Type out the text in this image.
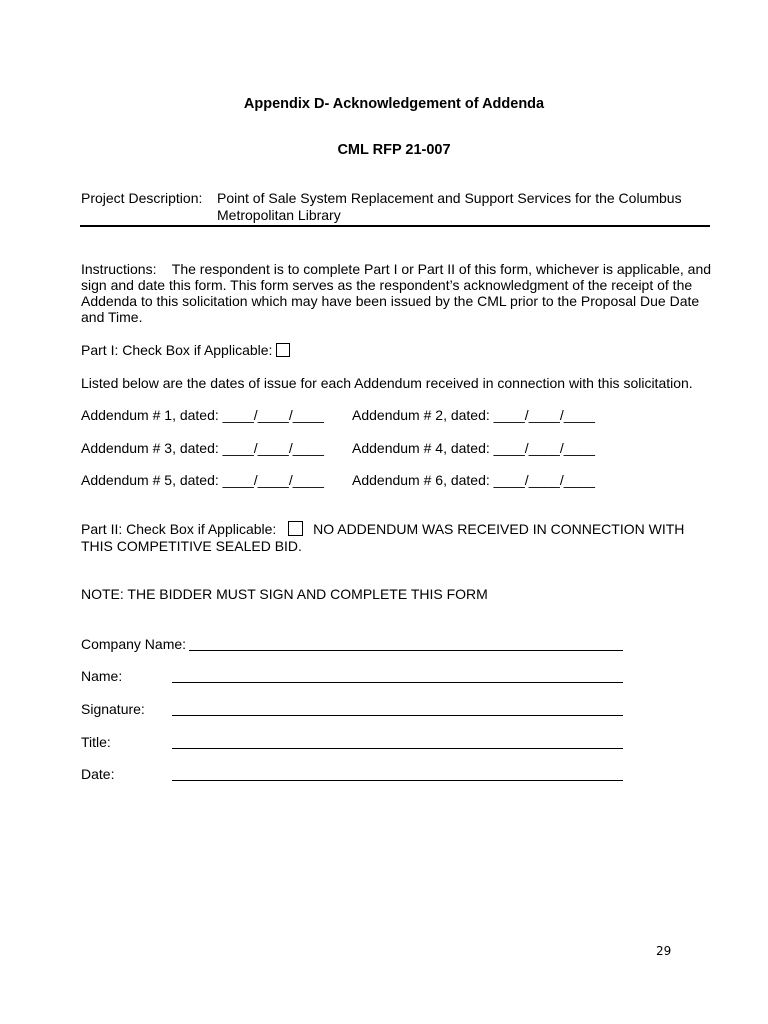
Appendix D- Acknowledgement of Addenda
CML RFP 21-007
Project Description: Point of Sale System Replacement and Support Services for the Columbus
Metropolitan Library
Instructions:    The respondent is to complete Part I or Part II of this form, whichever is applicable, and
sign and date this form. This form serves as the respondent’s acknowledgment of the receipt of the
Addenda to this solicitation which may have been issued by the CML prior to the Proposal Due Date
and Time.
Part I: Check Box if Applicable:
Listed below are the dates of issue for each Addendum received in connection with this solicitation.
Addendum # 1, dated: ____/____/____ Addendum # 2, dated: ____/____/____
Addendum # 3, dated: ____/____/____ Addendum # 4, dated: ____/____/____
Addendum # 5, dated: ____/____/____ Addendum # 6, dated: ____/____/____
Part II: Check Box if Applicable:	NO ADDENDUM WAS RECEIVED IN CONNECTION WITH
THIS COMPETITIVE SEALED BID.
NOTE: THE BIDDER MUST SIGN AND COMPLETE THIS FORM
Company Name:
Name:
Signature:
Title:
Date:
29
